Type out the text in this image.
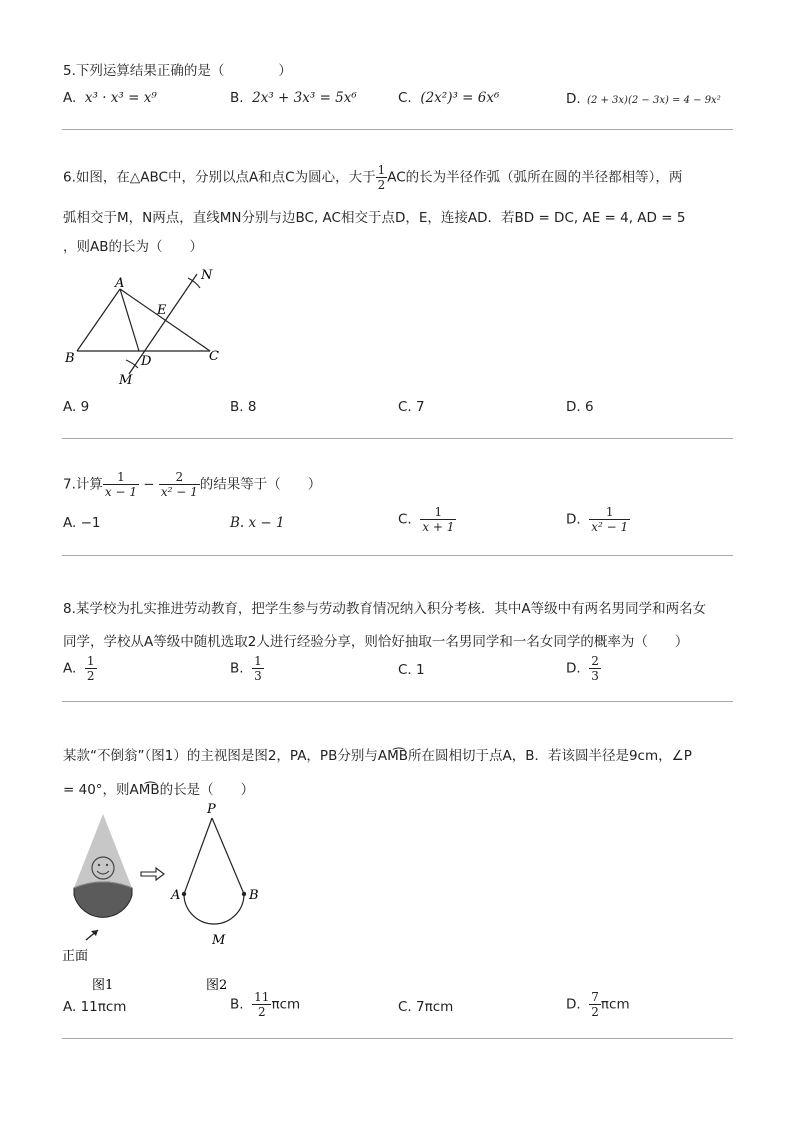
5.下列运算结果正确的是（　　　　）
A. x³ · x³ = x⁹	B. 2x³ + 3x³ = 5x⁶	C. (2x²)³ = 6x⁶	D. (2 + 3x)(2 − 3x) = 4 − 9x²
6.如图，在△ABC中，分别以点A和点C为圆心，大于 $\frac{1}{2}$ AC的长为半径作弧（弧所在圆的半径都相等），两
弧相交于M，N两点，直线MN分别与边BC, AC相交于点D，E，连接AD．若BD = DC, AE = 4, AD = 5
，则AB的长为（　　）
A
B	C
D
E
M
N
A. 9	B. 8	C. 7	D. 6
7.计算 $\frac{1}{x - 1} - \frac{2}{\text{x² − 1}}$ 的结果等于（　　）
A. −1	B. x − 1	C. $\frac{1}{x + 1}$	D. $\frac{1}{\text{x² − 1}}$
8.某学校为扎实推进劳动教育，把学生参与劳动教育情况纳入积分考核．其中A等级中有两名男同学和两名女
同学，学校从A等级中随机选取2人进行经验分享，则恰好抽取一名男同学和一名女同学的概率为（　　）
A. $\frac{1}{2}$	B. $\frac{1}{3}$	C. 1	D. $\frac{2}{3}$
某款“不倒翁”（图1）的主视图是图2，PA，PB分别与AM͡B所在圆相切于点A，B．若该圆半径是9cm，∠P
= 40°，则AM͡B的长是（　　）
正面
图1
P
A	B
M
图2
A. 11πcm	B. $\frac{11}{2}$ πcm	C. 7πcm	D. $\frac{7}{2}$ πcm
